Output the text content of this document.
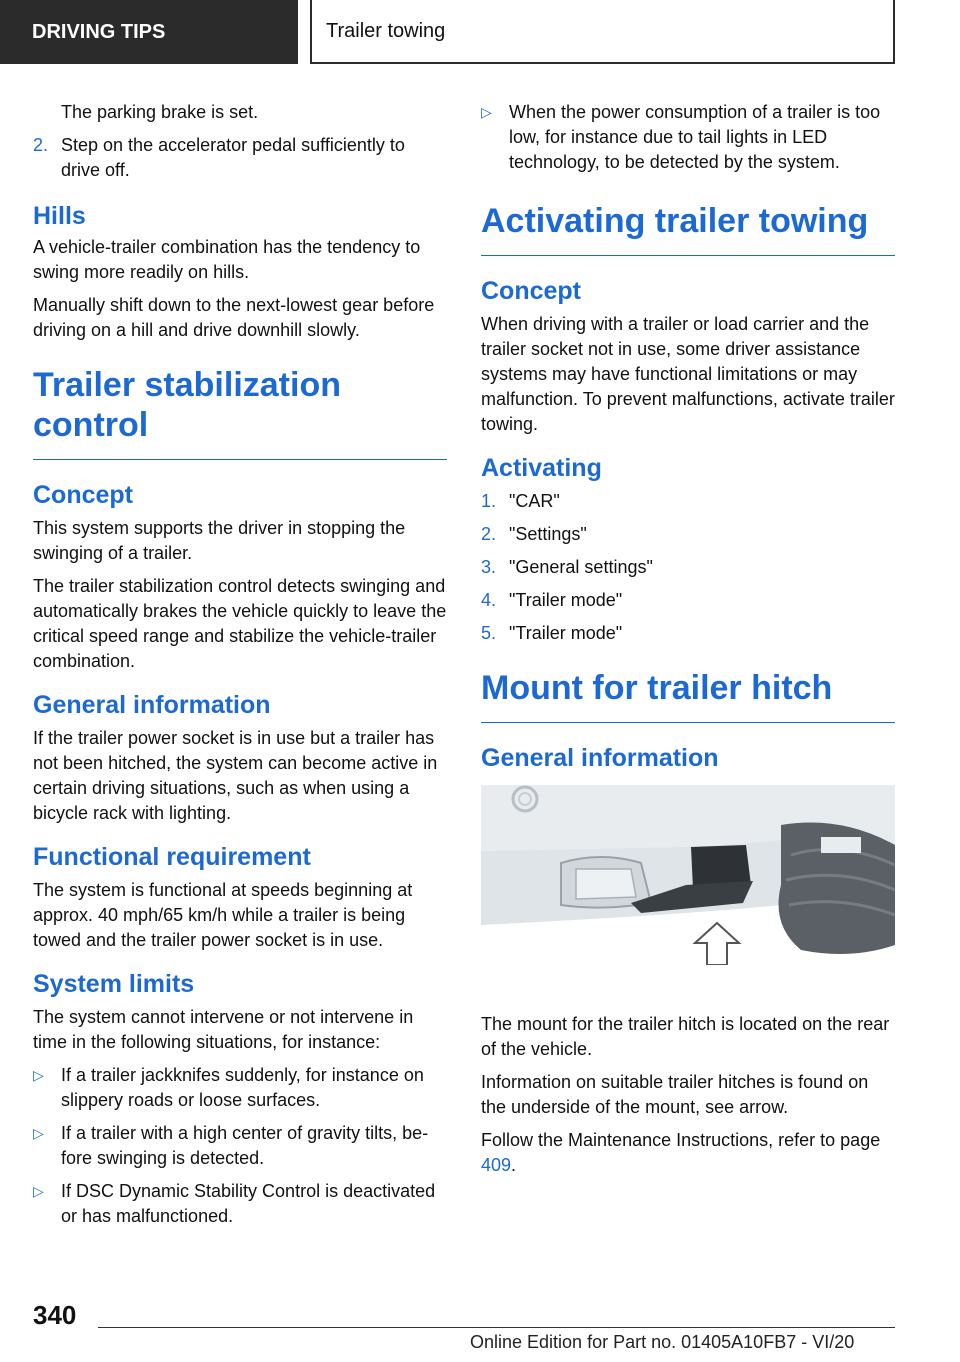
DRIVING TIPS	Trailer towing

The parking brake is set.

2. Step on the accelerator pedal sufficiently to drive off.
Hills

A vehicle-trailer combination has the tendency to swing more readily on hills.

Manually shift down to the next-lowest gear before driving on a hill and drive downhill slowly.

Trailer stabilization control
Concept

This system supports the driver in stopping the swinging of a trailer.

The trailer stabilization control detects swinging and automatically brakes the vehicle quickly to leave the critical speed range and stabilize the vehicle-trailer combination.

General information

If the trailer power socket is in use but a trailer has not been hitched, the system can become active in certain driving situations, such as when using a bicycle rack with lighting.

Functional requirement

The system is functional at speeds beginning at approx. 40 mph/65 km/h while a trailer is being towed and the trailer power socket is in use.

System limits

The system cannot intervene or not intervene in time in the following situations, for instance:

▷ If a trailer jackknifes suddenly, for instance on slippery roads or loose surfaces.
▷ If a trailer with a high center of gravity tilts, before swinging is detected.
▷ If DSC Dynamic Stability Control is deactivated or has malfunctioned.
▷ When the power consumption of a trailer is too low, for instance due to tail lights in LED technology, to be detected by the system.
Activating trailer towing
Concept

When driving with a trailer or load carrier and the trailer socket not in use, some driver assistance systems may have functional limitations or may malfunction. To prevent malfunctions, activate trailer towing.

Activating
1. "CAR"
2. "Settings"
3. "General settings"
4. "Trailer mode"
5. "Trailer mode"
Mount for trailer hitch
General information

The mount for the trailer hitch is located on the rear of the vehicle.

Information on suitable trailer hitches is found on the underside of the mount, see arrow.

Follow the Maintenance Instructions, refer to page 409.

340
Online Edition for Part no. 01405A10FB7 - VI/20
